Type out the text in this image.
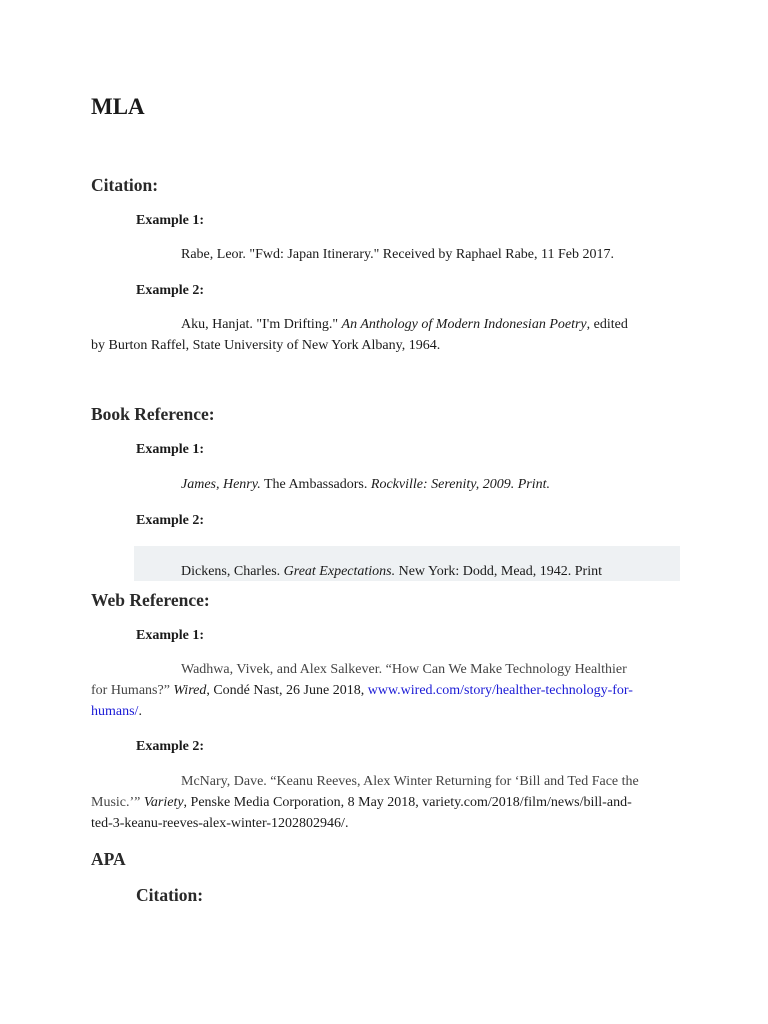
MLA
Citation:
Example 1:
Rabe, Leor. "Fwd: Japan Itinerary." Received by Raphael Rabe, 11 Feb 2017.
Example 2:
Aku, Hanjat. "I'm Drifting." An Anthology of Modern Indonesian Poetry, edited
by Burton Raffel, State University of New York Albany, 1964.
Book Reference:
Example 1:
James, Henry. The Ambassadors. Rockville: Serenity, 2009. Print.
Example 2:
Dickens, Charles. Great Expectations. New York: Dodd, Mead, 1942. Print
Web Reference:
Example 1:
Wadhwa, Vivek, and Alex Salkever. “How Can We Make Technology Healthier
for Humans?” Wired, Condé Nast, 26 June 2018, www.wired.com/story/healther-technology-for-
humans/.
Example 2:
McNary, Dave. “Keanu Reeves, Alex Winter Returning for ‘Bill and Ted Face the
Music.’” Variety, Penske Media Corporation, 8 May 2018, variety.com/2018/film/news/bill-and-
ted-3-keanu-reeves-alex-winter-1202802946/.
APA
Citation:
